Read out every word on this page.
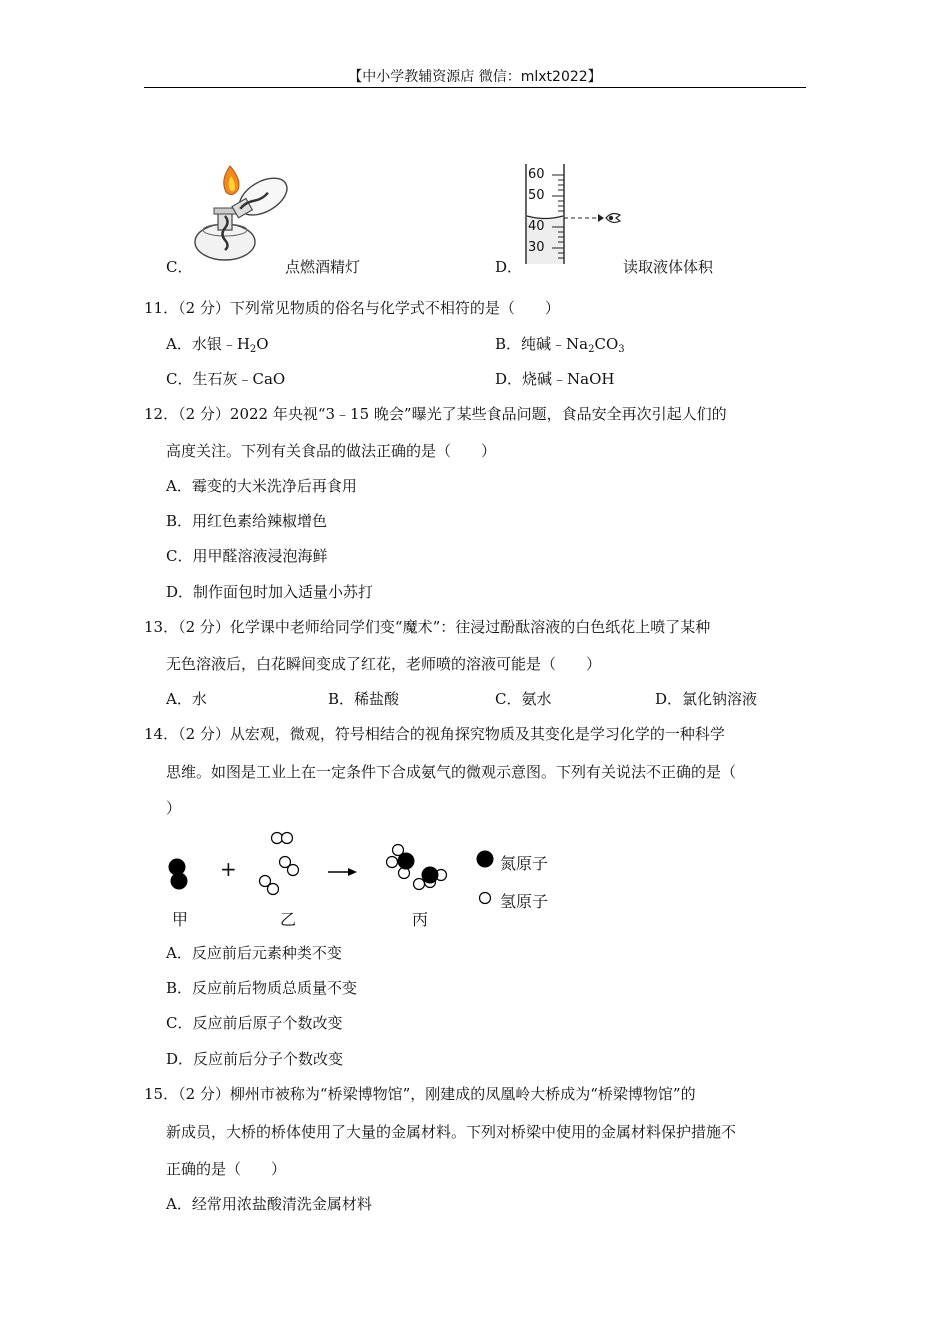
【中小学教辅资源店 微信：mlxt2022】
C．	点燃酒精灯	D．
60
50
40
30
读取液体体积
11．（2 分）下列常见物质的俗名与化学式不相符的是（　　）
A．水银$﹣H_2O$	B．纯碱$﹣Na_2CO_3$
C．生石灰﹣CaO	D．烧碱﹣NaOH
12．（2 分）2022 年央视“3﹣15 晚会”曝光了某些食品问题，食品安全再次引起人们的
高度关注。下列有关食品的做法正确的是（　　）
A．霉变的大米洗净后再食用
B．用红色素给辣椒增色
C．用甲醛溶液浸泡海鲜
D．制作面包时加入适量小苏打
13．（2 分）化学课中老师给同学们变“魔术”：往浸过酚酞溶液的白色纸花上喷了某种
无色溶液后，白花瞬间变成了红花，老师喷的溶液可能是（　　）
A．水	B．稀盐酸	C．氨水	D．氯化钠溶液
14．（2 分）从宏观，微观，符号相结合的视角探究物质及其变化是学习化学的一种科学
思维。如图是工业上在一定条件下合成氨气的微观示意图。下列有关说法不正确的是（
）
+
甲	乙	丙
氮原子
氢原子
A．反应前后元素种类不变
B．反应前后物质总质量不变
C．反应前后原子个数改变
D．反应前后分子个数改变
15．（2 分）柳州市被称为“桥梁博物馆”，刚建成的凤凰岭大桥成为“桥梁博物馆”的
新成员，大桥的桥体使用了大量的金属材料。下列对桥梁中使用的金属材料保护措施不
正确的是（　　）
A．经常用浓盐酸清洗金属材料
